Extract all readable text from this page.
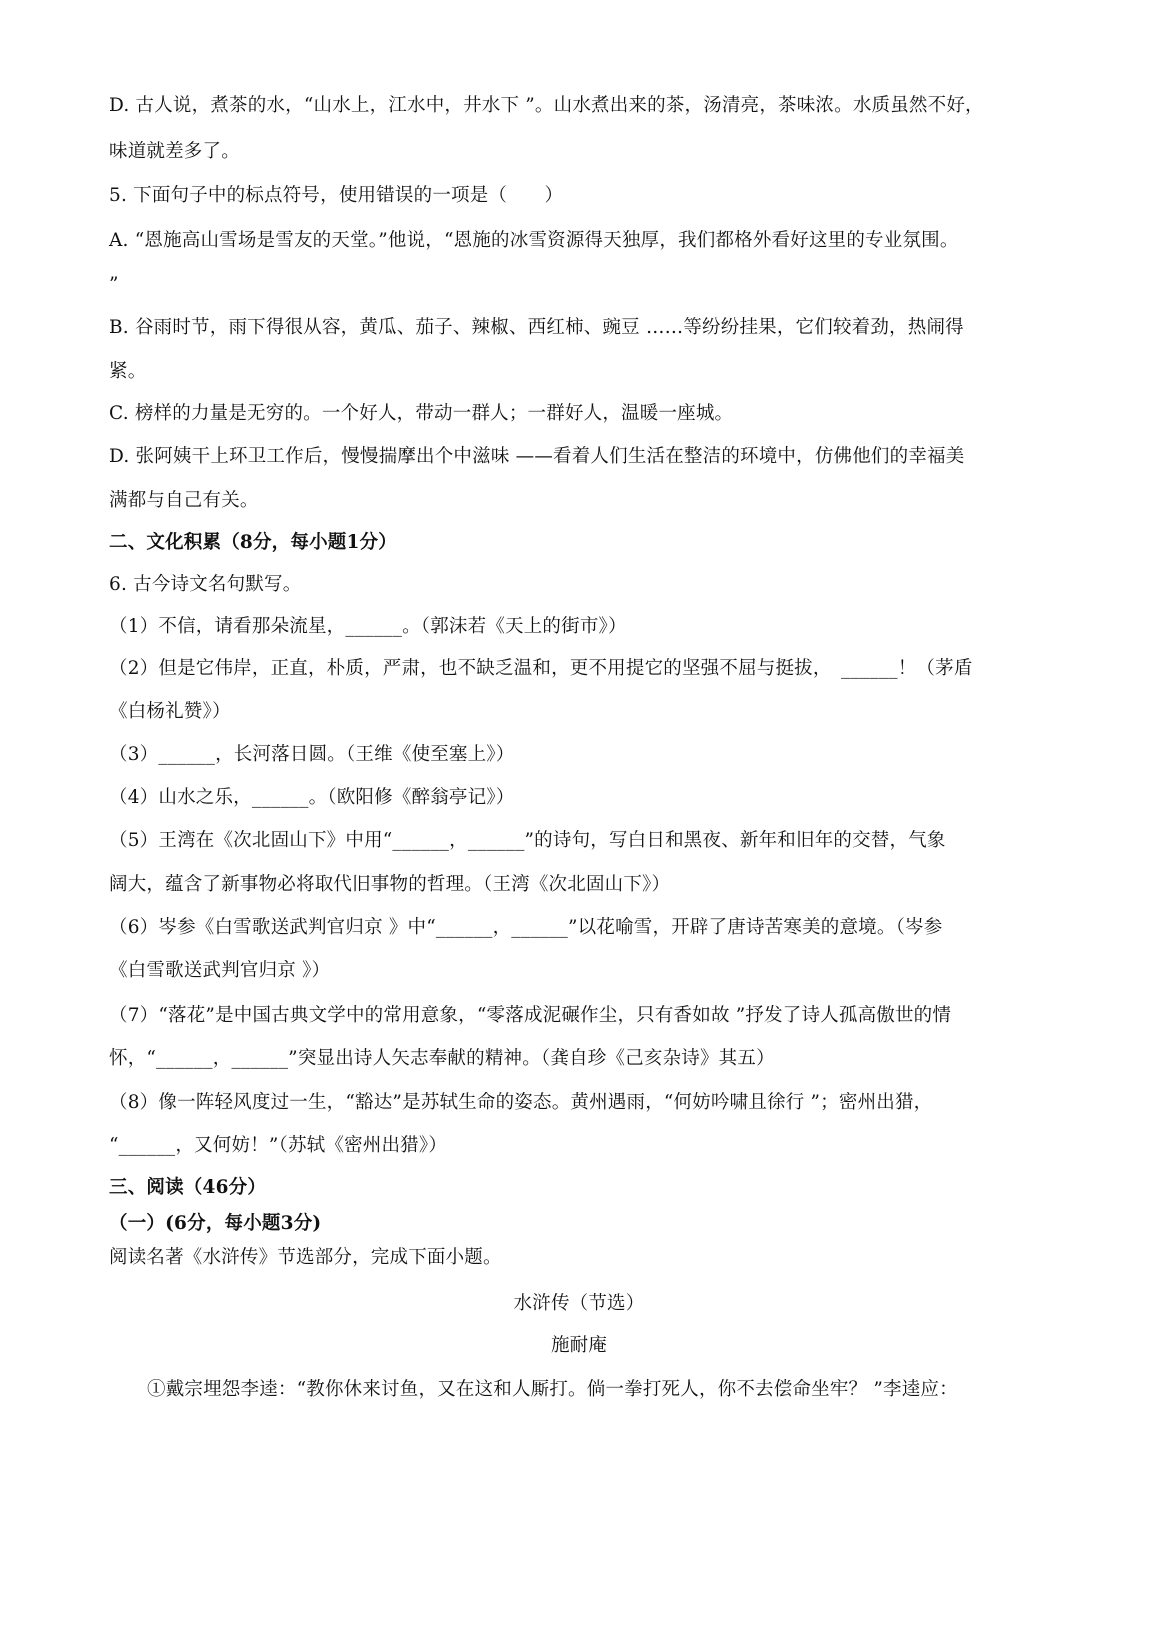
D. 古人说，煮茶的水，“山水上，江水中，井水下 ”。山水煮出来的茶，汤清亮，茶味浓。水质虽然不好，
味道就差多了。
5. 下面句子中的标点符号，使用错误的一项是（　　）
A. “恩施高山雪场是雪友的天堂。”他说，“恩施的冰雪资源得天独厚，我们都格外看好这里的专业氛围。
”
B. 谷雨时节，雨下得很从容，黄瓜、茄子、辣椒、西红柿、豌豆 ……等纷纷挂果，它们较着劲，热闹得
紧。
C. 榜样的力量是无穷的。一个好人，带动一群人；一群好人，温暖一座城。
D. 张阿姨干上环卫工作后，慢慢揣摩出个中滋味 ——看着人们生活在整洁的环境中，仿佛他们的幸福美
满都与自己有关。
二、文化积累（8分，每小题1分）
6. 古今诗文名句默写。
（1）不信，请看那朵流星，______。（郭沫若《天上的街市》）
（2）但是它伟岸，正直，朴质，严肃，也不缺乏温和，更不用提它的坚强不屈与挺拔，　______！（茅盾
《白杨礼赞》）
（3）______，长河落日圆。（王维《使至塞上》）
（4）山水之乐，______。（欧阳修《醉翁亭记》）
（5）王湾在《次北固山下》中用“______，______”的诗句，写白日和黑夜、新年和旧年的交替，气象
阔大，蕴含了新事物必将取代旧事物的哲理。（王湾《次北固山下》）
（6）岑参《白雪歌送武判官归京 》中“______，______”以花喻雪，开辟了唐诗苦寒美的意境。（岑参
《白雪歌送武判官归京 》）
（7）“落花”是中国古典文学中的常用意象，“零落成泥碾作尘，只有香如故 ”抒发了诗人孤高傲世的情
怀，“______，______”突显出诗人矢志奉献的精神。（龚自珍《己亥杂诗》其五）
（8）像一阵轻风度过一生，“豁达”是苏轼生命的姿态。黄州遇雨，“何妨吟啸且徐行 ”；密州出猎，
“______，又何妨！”（苏轼《密州出猎》）
三、阅读（46分）
（一）(6分，每小题3分)
阅读名著《水浒传》节选部分，完成下面小题。
水浒传（节选）
施耐庵
①戴宗埋怨李逵：“教你休来讨鱼，又在这和人厮打。倘一拳打死人，你不去偿命坐牢？ ”李逵应：
